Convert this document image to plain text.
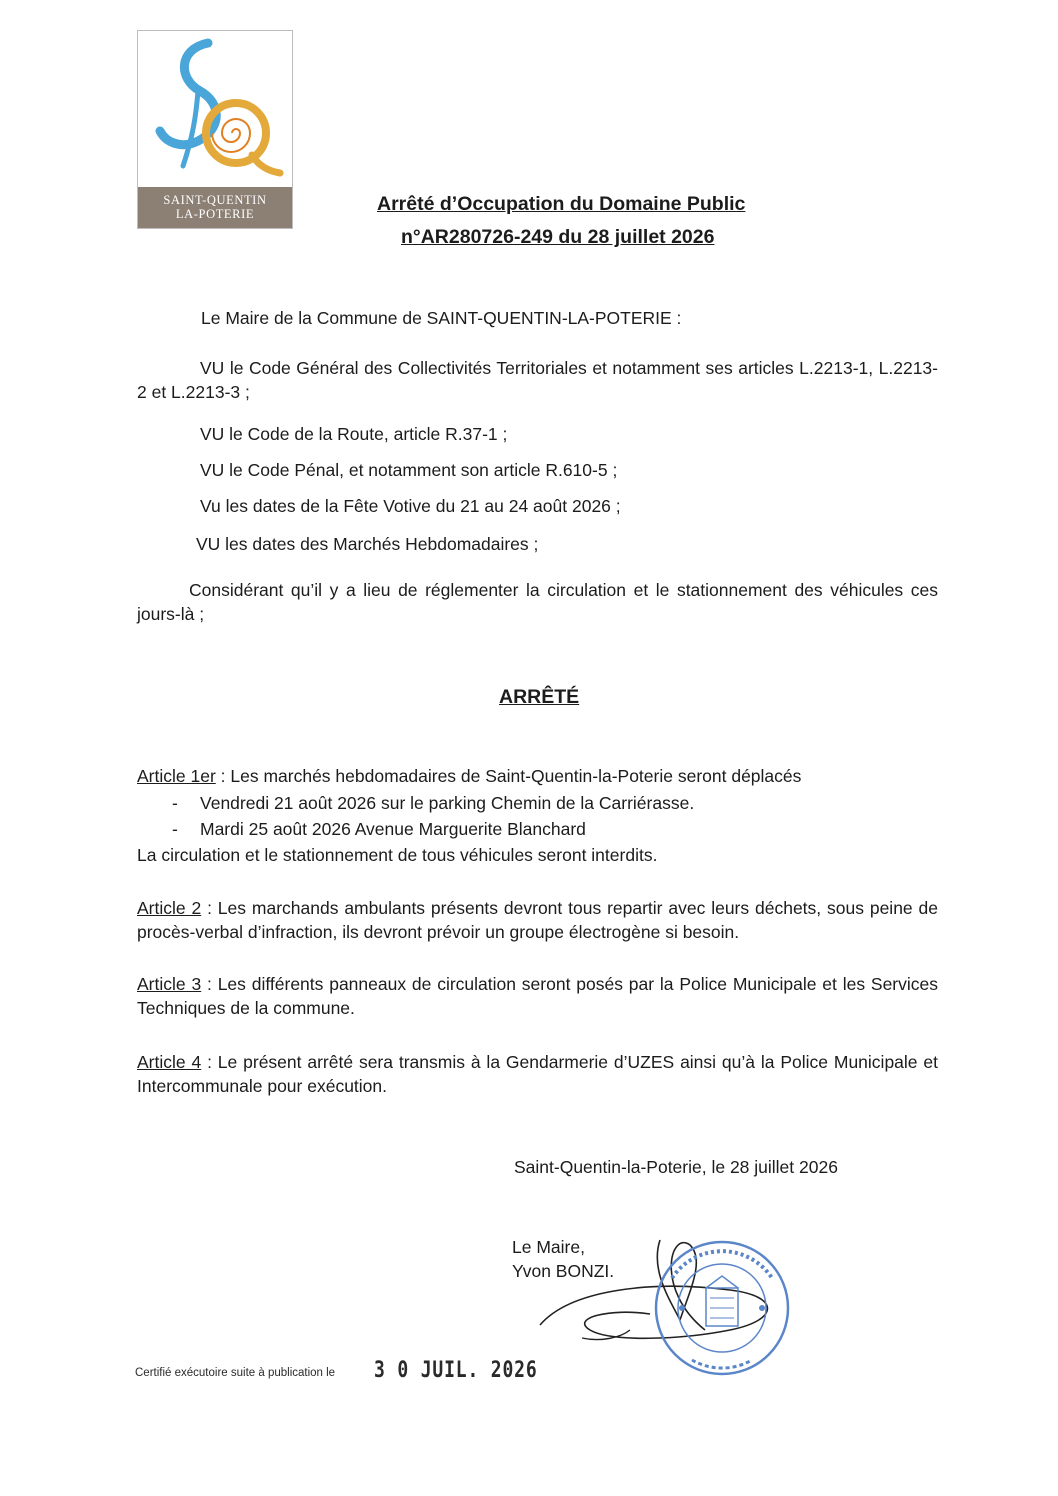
SAINT-QUENTIN
LA-POTERIE	Arrêté d’Occupation du Domaine Public
n°AR280726-249 du 28 juillet 2026
Le Maire de la Commune de SAINT-QUENTIN-LA-POTERIE :
VU le Code Général des Collectivités Territoriales et notamment ses articles L.2213-1, L.2213-2 et L.2213-3 ;
VU le Code de la Route, article R.37-1 ;
VU le Code Pénal, et notamment son article R.610-5 ;
Vu les dates de la Fête Votive du 21 au 24 août 2026 ;
VU les dates des Marchés Hebdomadaires ;
Considérant qu’il y a lieu de réglementer la circulation et le stationnement des véhicules ces jours-là ;
ARRÊTÉ
Article 1er : Les marchés hebdomadaires de Saint-Quentin-la-Poterie seront déplacés
- Vendredi 21 août 2026 sur le parking Chemin de la Carriérasse.
- Mardi 25 août 2026 Avenue Marguerite Blanchard
La circulation et le stationnement de tous véhicules seront interdits.
Article 2 : Les marchands ambulants présents devront tous repartir avec leurs déchets, sous peine de procès-verbal d’infraction, ils devront prévoir un groupe électrogène si besoin.
Article 3 : Les différents panneaux de circulation seront posés par la Police Municipale et les Services Techniques de la commune.
Article 4 : Le présent arrêté sera transmis à la Gendarmerie d’UZES ainsi qu’à la Police Municipale et Intercommunale pour exécution.
Saint-Quentin-la-Poterie, le 28 juillet 2026
Le Maire,
Yvon BONZI.
Certifié exécutoire suite à publication le 3 0 JUIL. 2026
